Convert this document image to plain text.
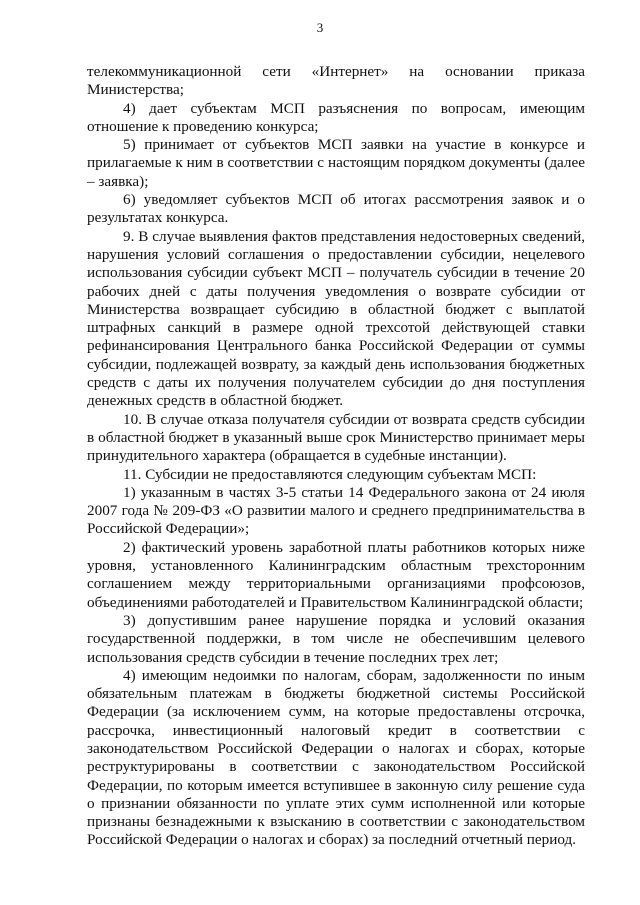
3

телекоммуникационной сети «Интернет» на основании приказа Министерства;

4) дает субъектам МСП разъяснения по вопросам, имеющим отношение к проведению конкурса;

5) принимает от субъектов МСП заявки на участие в конкурсе и прилагаемые к ним в соответствии с настоящим порядком документы (далее – заявка);

6) уведомляет субъектов МСП об итогах рассмотрения заявок и о результатах конкурса.

9. В случае выявления фактов представления недостоверных сведений, нарушения условий соглашения о предоставлении субсидии, нецелевого использования субсидии субъект МСП – получатель субсидии в течение 20 рабочих дней с даты получения уведомления о возврате субсидии от Министерства возвращает субсидию в областной бюджет с выплатой штрафных санкций в размере одной трехсотой действующей ставки рефинансирования Центрального банка Российской Федерации от суммы субсидии, подлежащей возврату, за каждый день использования бюджетных средств с даты их получения получателем субсидии до дня поступления денежных средств в областной бюджет.

10. В случае отказа получателя субсидии от возврата средств субсидии в областной бюджет в указанный выше срок Министерство принимает меры принудительного характера (обращается в судебные инстанции).

11. Субсидии не предоставляются следующим субъектам МСП:

1) указанным в частях 3-5 статьи 14 Федерального закона от 24 июля 2007 года № 209-ФЗ «О развитии малого и среднего предпринимательства в Российской Федерации»;

2) фактический уровень заработной платы работников которых ниже уровня, установленного Калининградским областным трехсторонним соглашением между территориальными организациями профсоюзов, объединениями работодателей и Правительством Калининградской области;

3) допустившим ранее нарушение порядка и условий оказания государственной поддержки, в том числе не обеспечившим целевого использования средств субсидии в течение последних трех лет;

4) имеющим недоимки по налогам, сборам, задолженности по иным обязательным платежам в бюджеты бюджетной системы Российской Федерации (за исключением сумм, на которые предоставлены отсрочка, рассрочка, инвестиционный налоговый кредит в соответствии с законодательством Российской Федерации о налогах и сборах, которые реструктурированы в соответствии с законодательством Российской Федерации, по которым имеется вступившее в законную силу решение суда о признании обязанности по уплате этих сумм исполненной или которые признаны безнадежными к взысканию в соответствии с законодательством Российской Федерации о налогах и сборах) за последний отчетный период.
